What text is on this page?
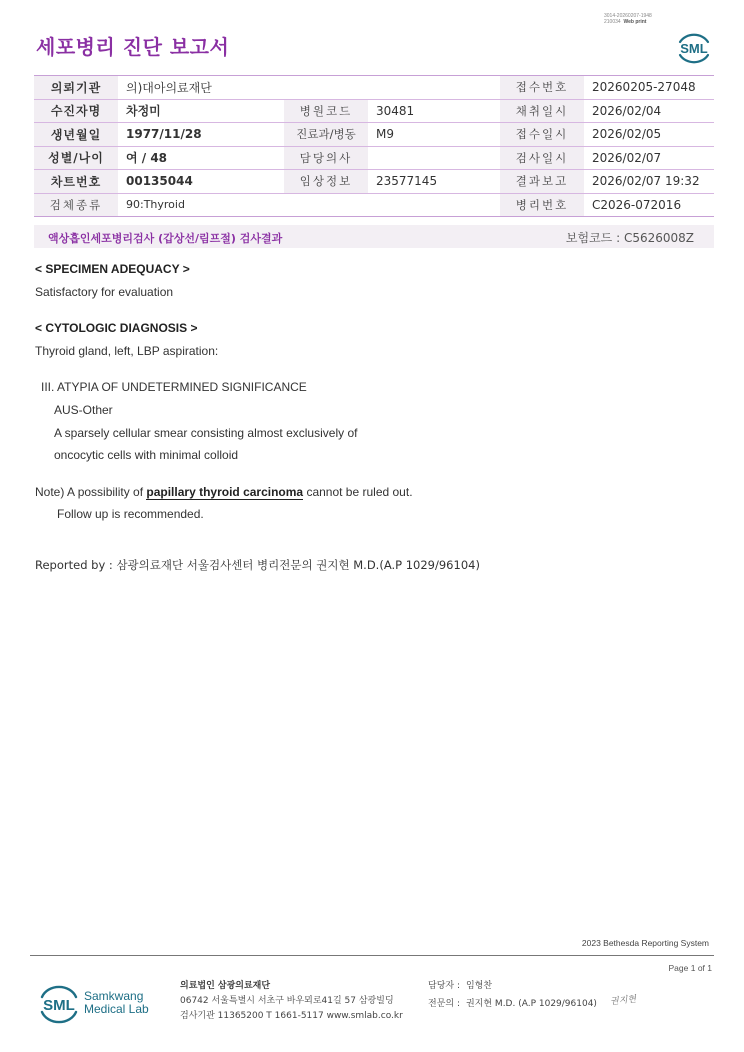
3014-20260207-1948
210034 Web print
세포병리 진단 보고서	SML
의뢰기관	의)대아의료재단			접수번호	20260205-27048
수진자명	차정미	병원코드	30481	채취일시	2026/02/04
생년월일	1977/11/28	진료과/병동	M9	접수일시	2026/02/05
성별/나이	여 / 48	담당의사		검사일시	2026/02/07
차트번호	00135044	임상정보	23577145	결과보고	2026/02/07 19:32
검체종류	90:Thyroid			병리번호	C2026-072016
액상흡인세포병리검사 (갑상선/림프절) 검사결과	보험코드 : C5626008Z
< SPECIMEN ADEQUACY >
Satisfactory for evaluation
< CYTOLOGIC DIAGNOSIS >
Thyroid gland, left, LBP aspiration:
III. ATYPIA OF UNDETERMINED SIGNIFICANCE
AUS-Other
A sparsely cellular smear consisting almost exclusively of
oncocytic cells with minimal colloid
Note) A possibility of papillary thyroid carcinoma cannot be ruled out.
Follow up is recommended.
Reported by : 삼광의료재단 서울검사센터 병리전문의 권지현 M.D.(A.P 1029/96104)
2023 Bethesda Reporting System
Page 1 of 1
SML
Samkwang
Medical Lab
의료법인 삼광의료재단
06742 서울특별시 서초구 바우뫼로41길 57 삼광빌딩
검사기관 11365200 T 1661-5117 www.smlab.co.kr
담당자 : 임형찬
전문의 : 권지현 M.D. (A.P 1029/96104) 권지현
